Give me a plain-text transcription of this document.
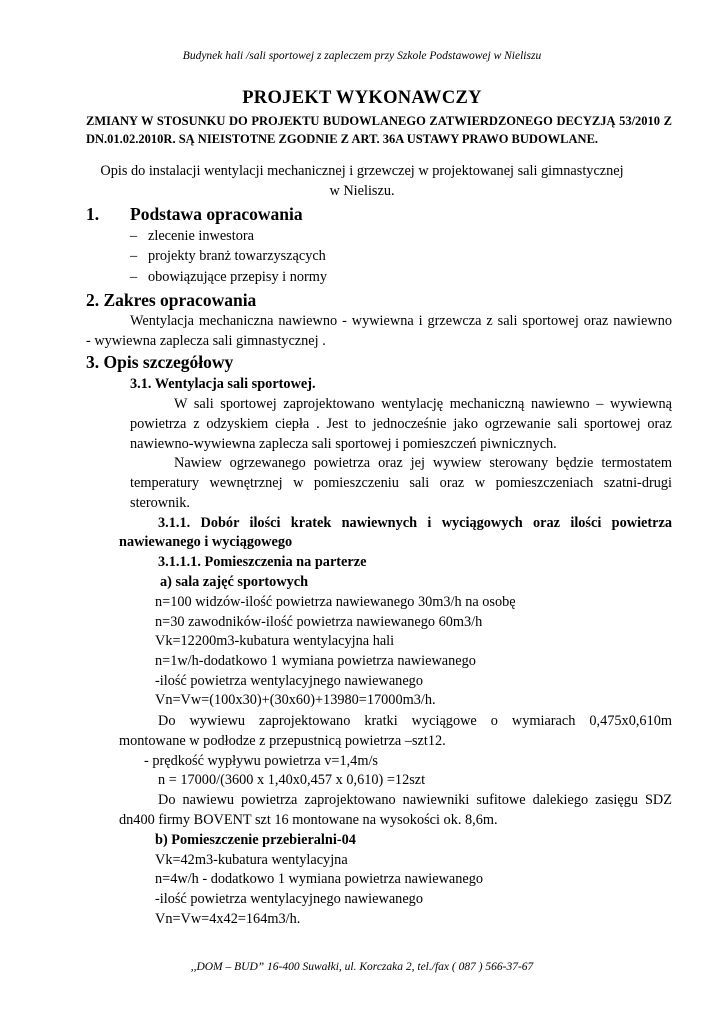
Budynek hali /sali sportowej z zapleczem przy Szkole Podstawowej w Nieliszu
PROJEKT WYKONAWCZY
ZMIANY W STOSUNKU DO PROJEKTU BUDOWLANEGO ZATWIERDZONEGO DECYZJĄ 53/2010 Z
DN.01.02.2010R. SĄ NIEISTOTNE ZGODNIE Z ART. 36A USTAWY PRAWO BUDOWLANE.
Opis do instalacji wentylacji mechanicznej i grzewczej w projektowanej sali gimnastycznej
w Nieliszu.
1. Podstawa opracowania
– zlecenie inwestora
– projekty branż towarzyszących
– obowiązujące przepisy i normy
2. Zakres opracowania
Wentylacja mechaniczna nawiewno - wywiewna i grzewcza z sali sportowej oraz nawiewno
- wywiewna zaplecza sali gimnastycznej .
3. Opis szczegółowy
3.1. Wentylacja sali sportowej.
W sali sportowej zaprojektowano wentylację mechaniczną nawiewno – wywiewną
powietrza z odzyskiem ciepła . Jest to jednocześnie jako ogrzewanie sali sportowej oraz
nawiewno-wywiewna zaplecza sali sportowej i pomieszczeń piwnicznych.
Nawiew ogrzewanego powietrza oraz jej wywiew sterowany będzie termostatem
temperatury wewnętrznej w pomieszczeniu sali oraz w pomieszczeniach szatni-drugi
sterownik.
3.1.1. Dobór ilości kratek nawiewnych i wyciągowych oraz ilości powietrza
nawiewanego i wyciągowego
3.1.1.1. Pomieszczenia na parterze
a) sala zajęć sportowych
n=100 widzów-ilość powietrza nawiewanego 30m3/h na osobę
n=30 zawodników-ilość powietrza nawiewanego 60m3/h
Vk=12200m3-kubatura wentylacyjna hali
n=1w/h-dodatkowo 1 wymiana powietrza nawiewanego
-ilość powietrza wentylacyjnego nawiewanego
Vn=Vw=(100x30)+(30x60)+13980=17000m3/h.
Do wywiewu zaprojektowano kratki wyciągowe o wymiarach 0,475x0,610m
montowane w podłodze z przepustnicą powietrza –szt12.
- prędkość wypływu powietrza v=1,4m/s
n = 17000/(3600 x 1,40x0,457 x 0,610) =12szt
Do nawiewu powietrza zaprojektowano nawiewniki sufitowe dalekiego zasięgu SDZ
dn400 firmy BOVENT szt 16 montowane na wysokości ok. 8,6m.
b) Pomieszczenie przebieralni-04
Vk=42m3-kubatura wentylacyjna
n=4w/h - dodatkowo 1 wymiana powietrza nawiewanego
-ilość powietrza wentylacyjnego nawiewanego
Vn=Vw=4x42=164m3/h.
,,DOM – BUD” 16-400 Suwałki, ul. Korczaka 2, tel./fax ( 087 ) 566-37-67
